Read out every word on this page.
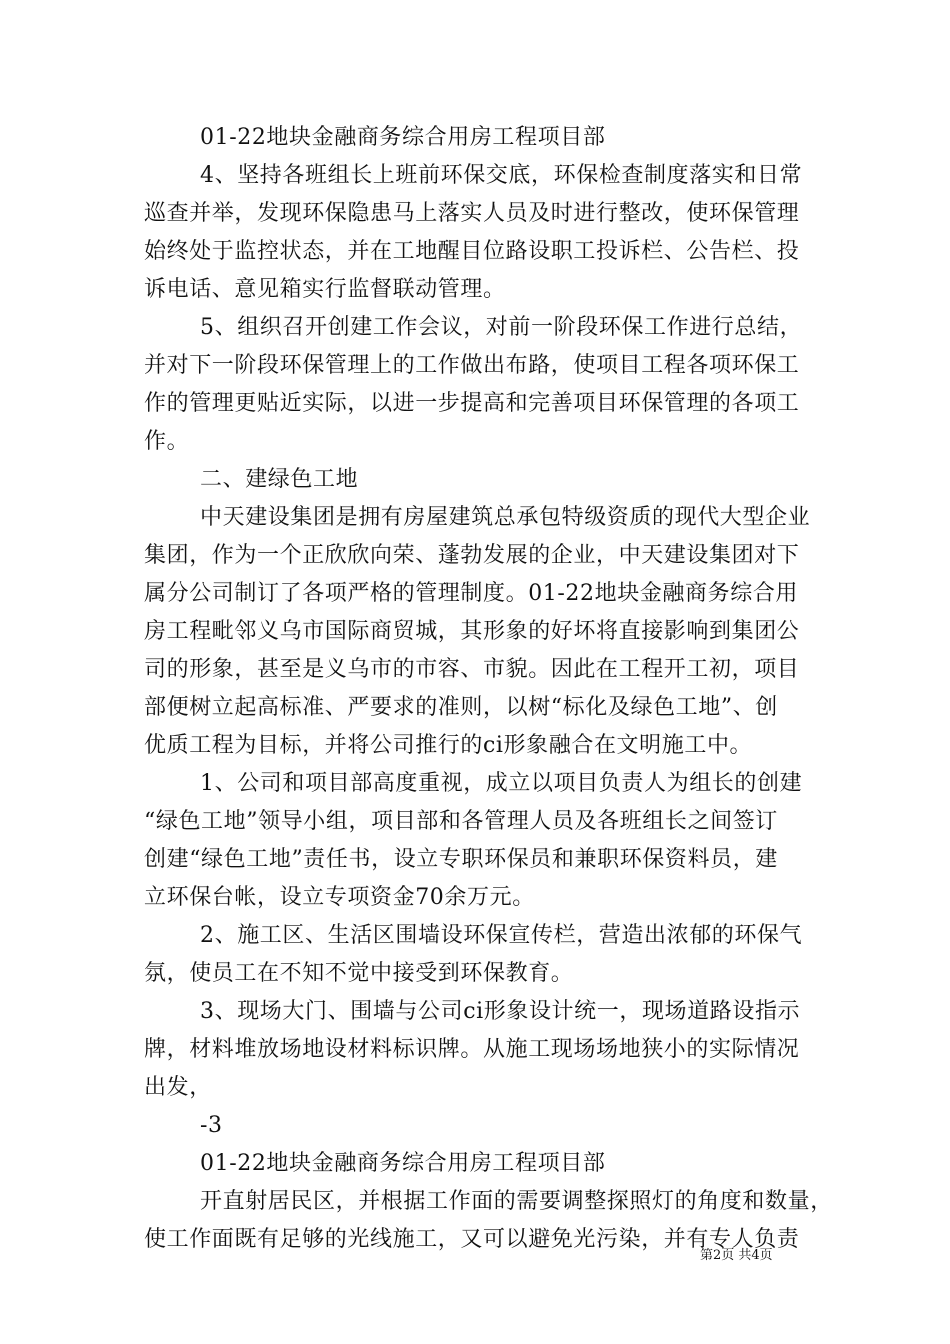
01-22地块金融商务综合用房工程项目部
4、坚持各班组长上班前环保交底，环保检查制度落实和日常
巡查并举，发现环保隐患马上落实人员及时进行整改，使环保管理
始终处于监控状态，并在工地醒目位路设职工投诉栏、公告栏、投
诉电话、意见箱实行监督联动管理。
5、组织召开创建工作会议，对前一阶段环保工作进行总结，
并对下一阶段环保管理上的工作做出布路，使项目工程各项环保工
作的管理更贴近实际，以进一步提高和完善项目环保管理的各项工
作。
二、建绿色工地
中天建设集团是拥有房屋建筑总承包特级资质的现代大型企业
集团，作为一个正欣欣向荣、蓬勃发展的企业，中天建设集团对下
属分公司制订了各项严格的管理制度。01-22地块金融商务综合用
房工程毗邻义乌市国际商贸城，其形象的好坏将直接影响到集团公
司的形象，甚至是义乌市的市容、市貌。因此在工程开工初，项目
部便树立起高标准、严要求的准则，以树“标化及绿色工地”、创
优质工程为目标，并将公司推行的ci形象融合在文明施工中。
1、公司和项目部高度重视，成立以项目负责人为组长的创建
“绿色工地”领导小组，项目部和各管理人员及各班组长之间签订
创建“绿色工地”责任书，设立专职环保员和兼职环保资料员，建
立环保台帐，设立专项资金70余万元。
2、施工区、生活区围墙设环保宣传栏，营造出浓郁的环保气
氛，使员工在不知不觉中接受到环保教育。
3、现场大门、围墙与公司ci形象设计统一，现场道路设指示
牌，材料堆放场地设材料标识牌。从施工现场场地狭小的实际情况
出发，
-3
01-22地块金融商务综合用房工程项目部
开直射居民区，并根据工作面的需要调整探照灯的角度和数量，
使工作面既有足够的光线施工，又可以避免光污染，并有专人负责
第2页 共4页
